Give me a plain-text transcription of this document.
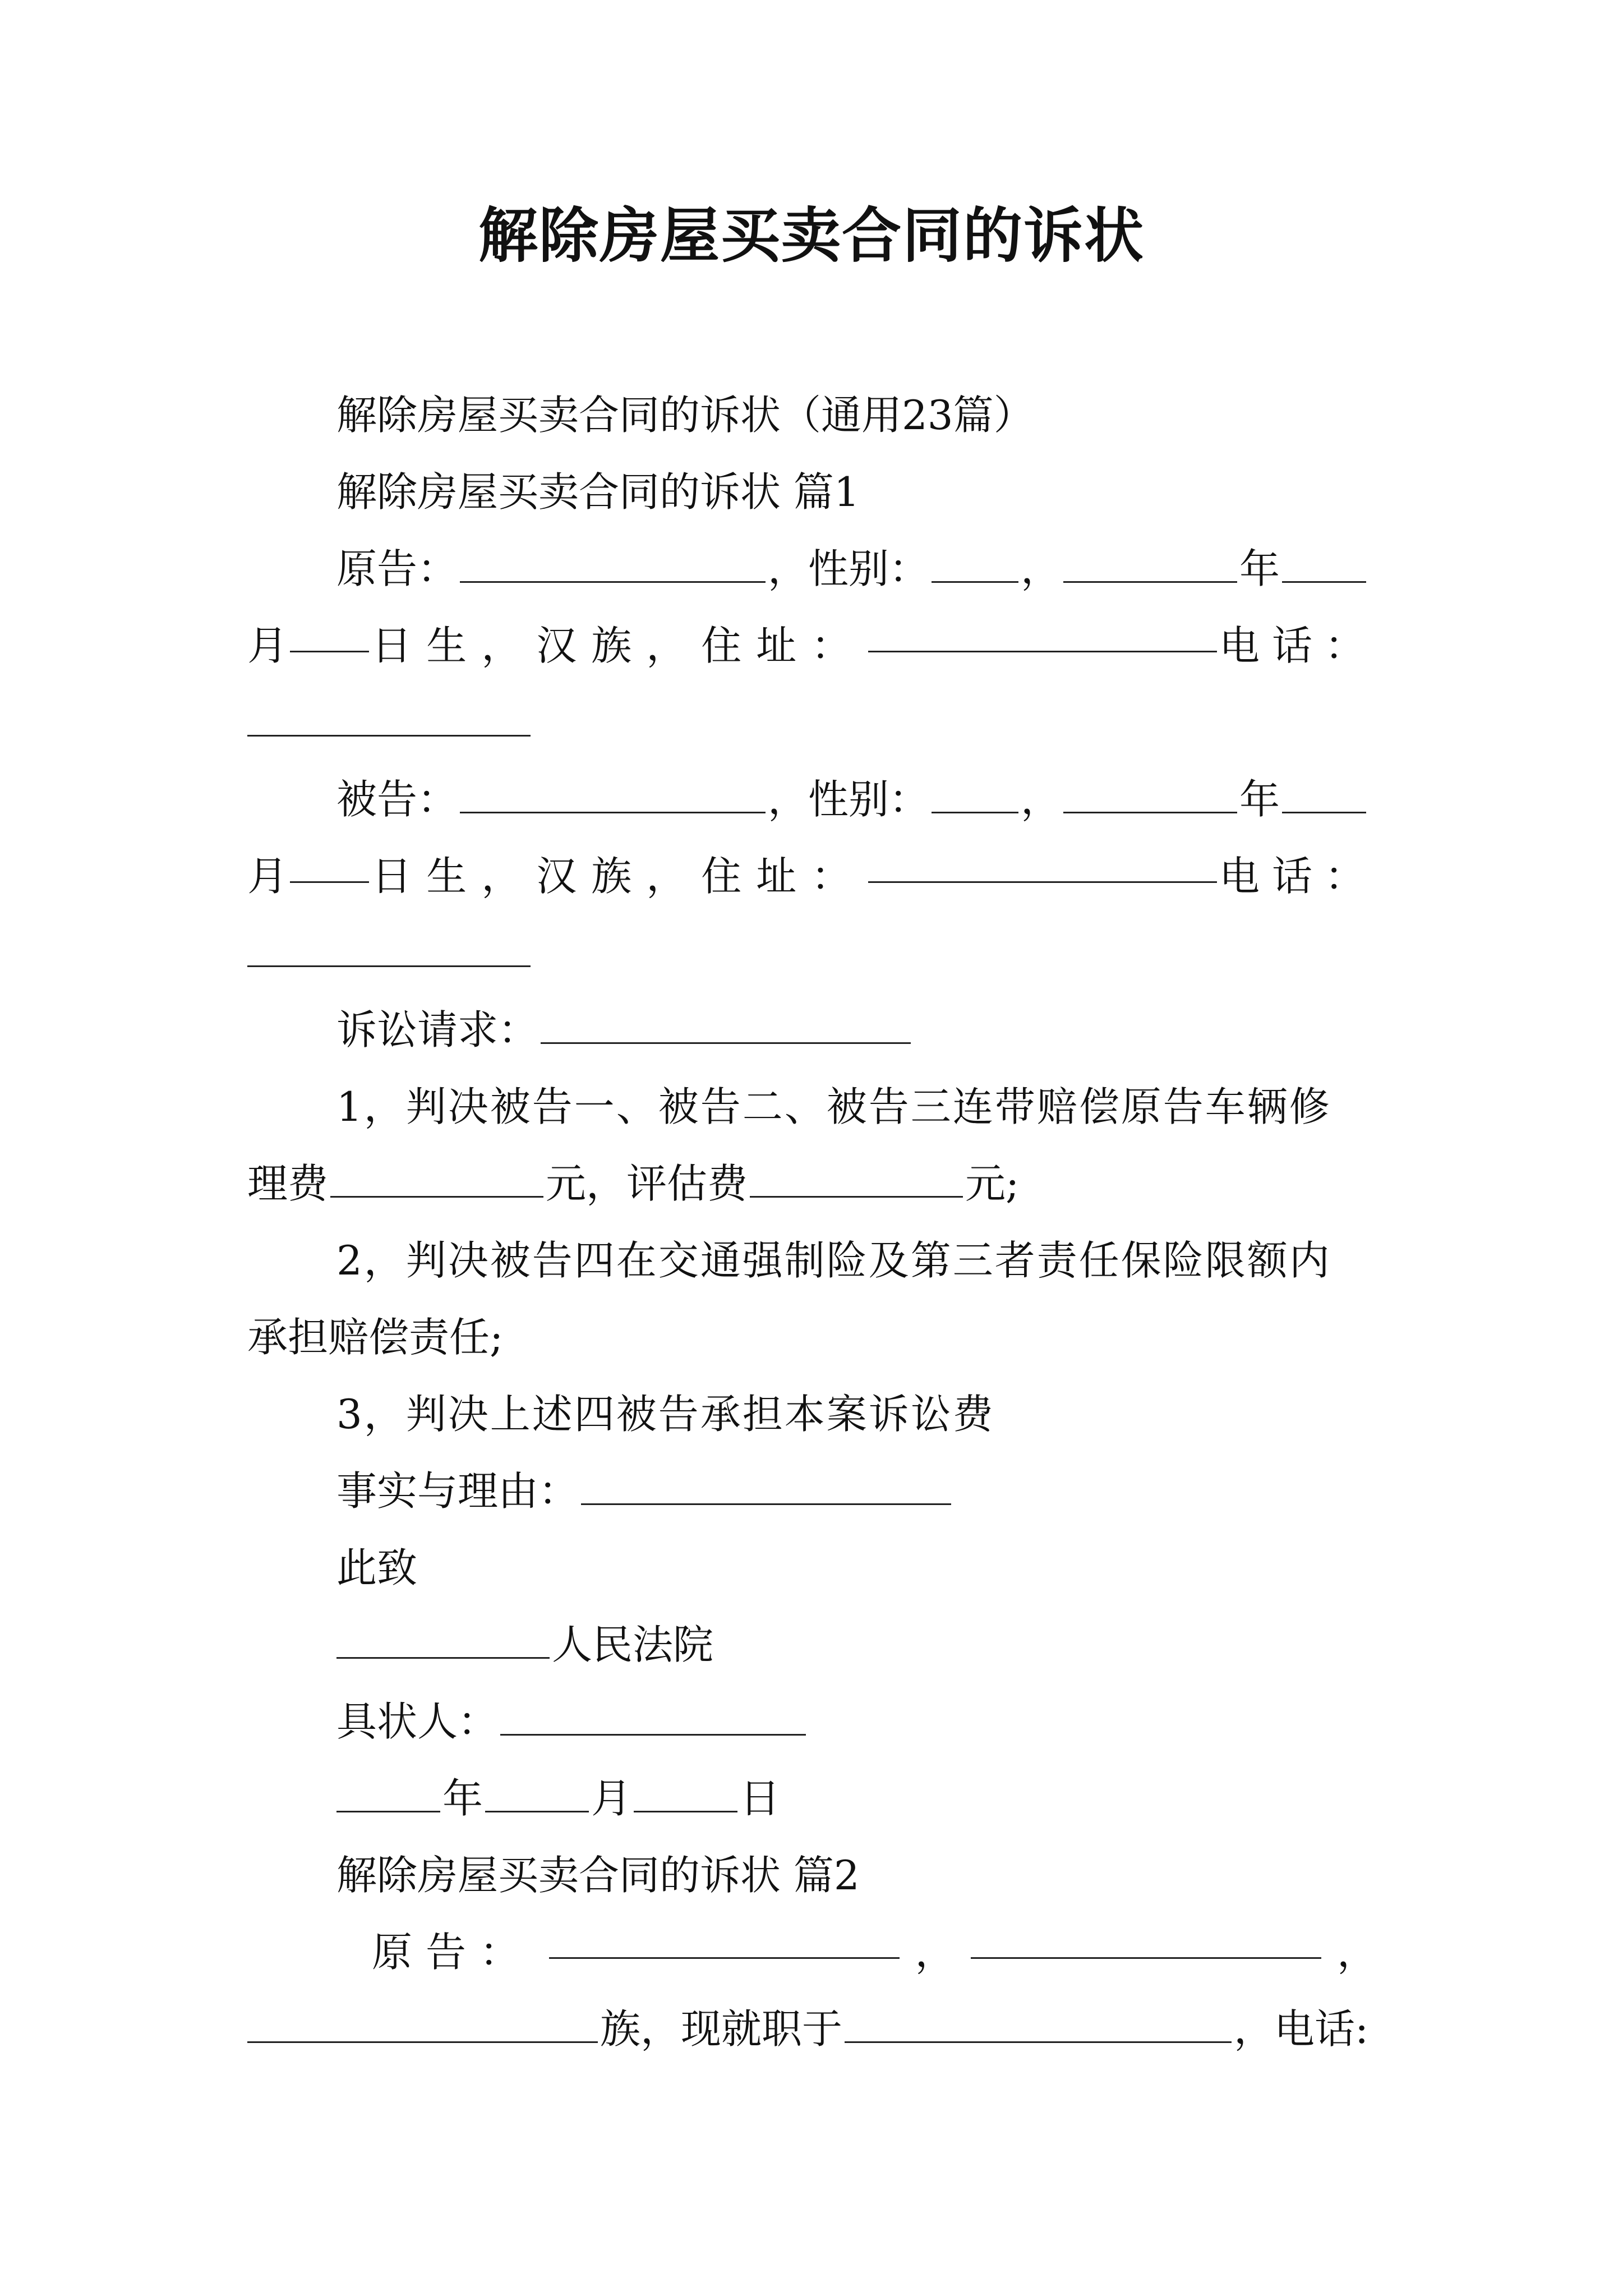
解除房屋买卖合同的诉状
解除房屋买卖合同的诉状（通用23篇）
解除房屋买卖合同的诉状 篇1
原告：	，性别： ，	年
月 日生，汉族，住址：	电话：
被告：	，性别： ，	年
月 日生，汉族，住址：	电话：
诉讼请求：
1，判决被告一、被告二、被告三连带赔偿原告车辆修
理费	元，评估费	元;
2，判决被告四在交通强制险及第三者责任保险限额内
承担赔偿责任;
3，判决上述四被告承担本案诉讼费
事实与理由：
此致
人民法院
具状人：
年	月	日
解除房屋买卖合同的诉状 篇2
原告：	，	，
族，现就职于	，电话:
